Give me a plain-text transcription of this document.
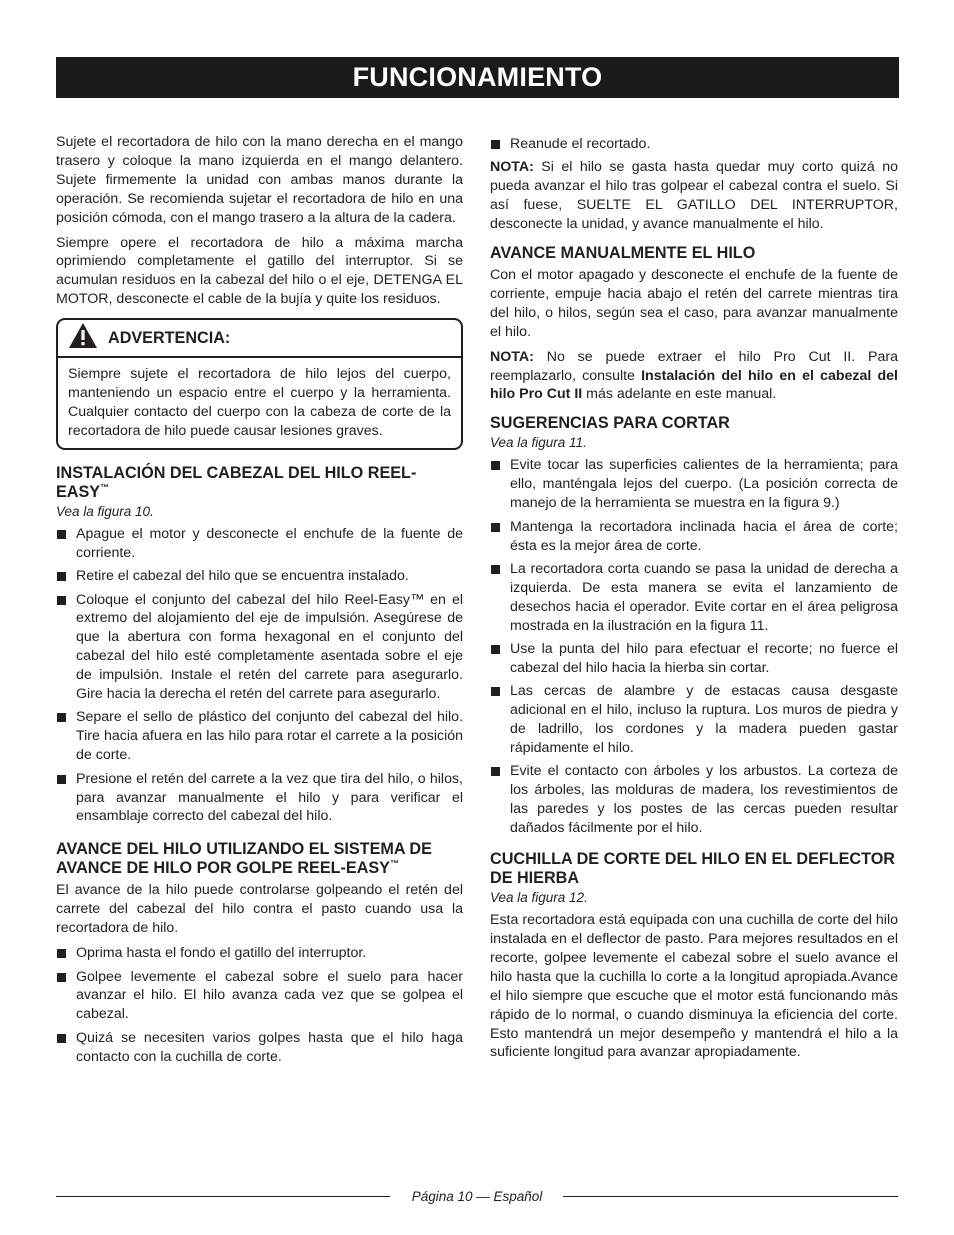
FUNCIONAMIENTO

Sujete el recortadora de hilo con la mano derecha en el mango trasero y coloque la mano izquierda en el mango delantero. Sujete firmemente la unidad con ambas manos durante la operación. Se recomienda sujetar el recortadora de hilo en una posición cómoda, con el mango trasero a la altura de la cadera.

Siempre opere el recortadora de hilo a máxima marcha oprimiendo completamente el gatillo del interruptor. Si se acumulan residuos en la cabezal del hilo o el eje, DETENGA EL MOTOR, desconecte el cable de la bujía y quite los residuos.

ADVERTENCIA:
Siempre sujete el recortadora de hilo lejos del cuerpo, manteniendo un espacio entre el cuerpo y la herramienta. Cualquier contacto del cuerpo con la cabeza de corte de la recortadora de hilo puede causar lesiones graves.
INSTALACIÓN DEL CABEZAL DEL HILO REEL-EASY™
Vea la figura 10.
Apague el motor y desconecte el enchufe de la fuente de corriente.
Retire el cabezal del hilo que se encuentra instalado.
Coloque el conjunto del cabezal del hilo Reel-Easy™ en el extremo del alojamiento del eje de impulsión. Asegúrese de que la abertura con forma hexagonal en el conjunto del cabezal del hilo esté completamente asentada sobre el eje de impulsión. Instale el retén del carrete para asegurarlo. Gire hacia la derecha el retén del carrete para asegurarlo.
Separe el sello de plástico del conjunto del cabezal del hilo. Tire hacia afuera en las hilo para rotar el carrete a la posición de corte.
Presione el retén del carrete a la vez que tira del hilo, o hilos, para avanzar manualmente el hilo y para verificar el ensamblaje correcto del cabezal del hilo.
AVANCE DEL HILO UTILIZANDO EL SISTEMA DE AVANCE DE HILO POR GOLPE REEL-EASY™

El avance de la hilo puede controlarse golpeando el retén del carrete del cabezal del hilo contra el pasto cuando usa la recortadora de hilo.

Oprima hasta el fondo el gatillo del interruptor.
Golpee levemente el cabezal sobre el suelo para hacer avanzar el hilo. El hilo avanza cada vez que se golpea el cabezal.
Quizá se necesiten varios golpes hasta que el hilo haga contacto con la cuchilla de corte.
Reanude el recortado.

NOTA: Si el hilo se gasta hasta quedar muy corto quizá no pueda avanzar el hilo tras golpear el cabezal contra el suelo. Si así fuese, SUELTE EL GATILLO DEL INTERRUPTOR, desconecte la unidad, y avance manualmente el hilo.

AVANCE MANUALMENTE EL HILO

Con el motor apagado y desconecte el enchufe de la fuente de corriente, empuje hacia abajo el retén del carrete mientras tira del hilo, o hilos, según sea el caso, para avanzar manualmente el hilo.

NOTA: No se puede extraer el hilo Pro Cut II. Para reemplazarlo, consulte Instalación del hilo en el cabezal del hilo Pro Cut II más adelante en este manual.

SUGERENCIAS PARA CORTAR
Vea la figura 11.
Evite tocar las superficies calientes de la herramienta; para ello, manténgala lejos del cuerpo. (La posición correcta de manejo de la herramienta se muestra en la figura 9.)
Mantenga la recortadora inclinada hacia el área de corte; ésta es la mejor área de corte.
La recortadora corta cuando se pasa la unidad de derecha a izquierda. De esta manera se evita el lanzamiento de desechos hacia el operador. Evite cortar en el área peligrosa mostrada en la ilustración en la figura 11.
Use la punta del hilo para efectuar el recorte; no fuerce el cabezal del hilo hacia la hierba sin cortar.
Las cercas de alambre y de estacas causa desgaste adicional en el hilo, incluso la ruptura. Los muros de piedra y de ladrillo, los cordones y la madera pueden gastar rápidamente el hilo.
Evite el contacto con árboles y los arbustos. La corteza de los árboles, las molduras de madera, los revestimientos de las paredes y los postes de las cercas pueden resultar dañados fácilmente por el hilo.
CUCHILLA DE CORTE DEL HILO EN EL DEFLECTOR DE HIERBA
Vea la figura 12.

Esta recortadora está equipada con una cuchilla de corte del hilo instalada en el deflector de pasto. Para mejores resultados en el recorte, golpee levemente el cabezal sobre el suelo avance el hilo hasta que la cuchilla lo corte a la longitud apropiada.Avance el hilo siempre que escuche que el motor está funcionando más rápido de lo normal, o cuando disminuya la eficiencia del corte. Esto mantendrá un mejor desempeño y mantendrá el hilo a la suficiente longitud para avanzar apropiadamente.

Página 10 — Español
